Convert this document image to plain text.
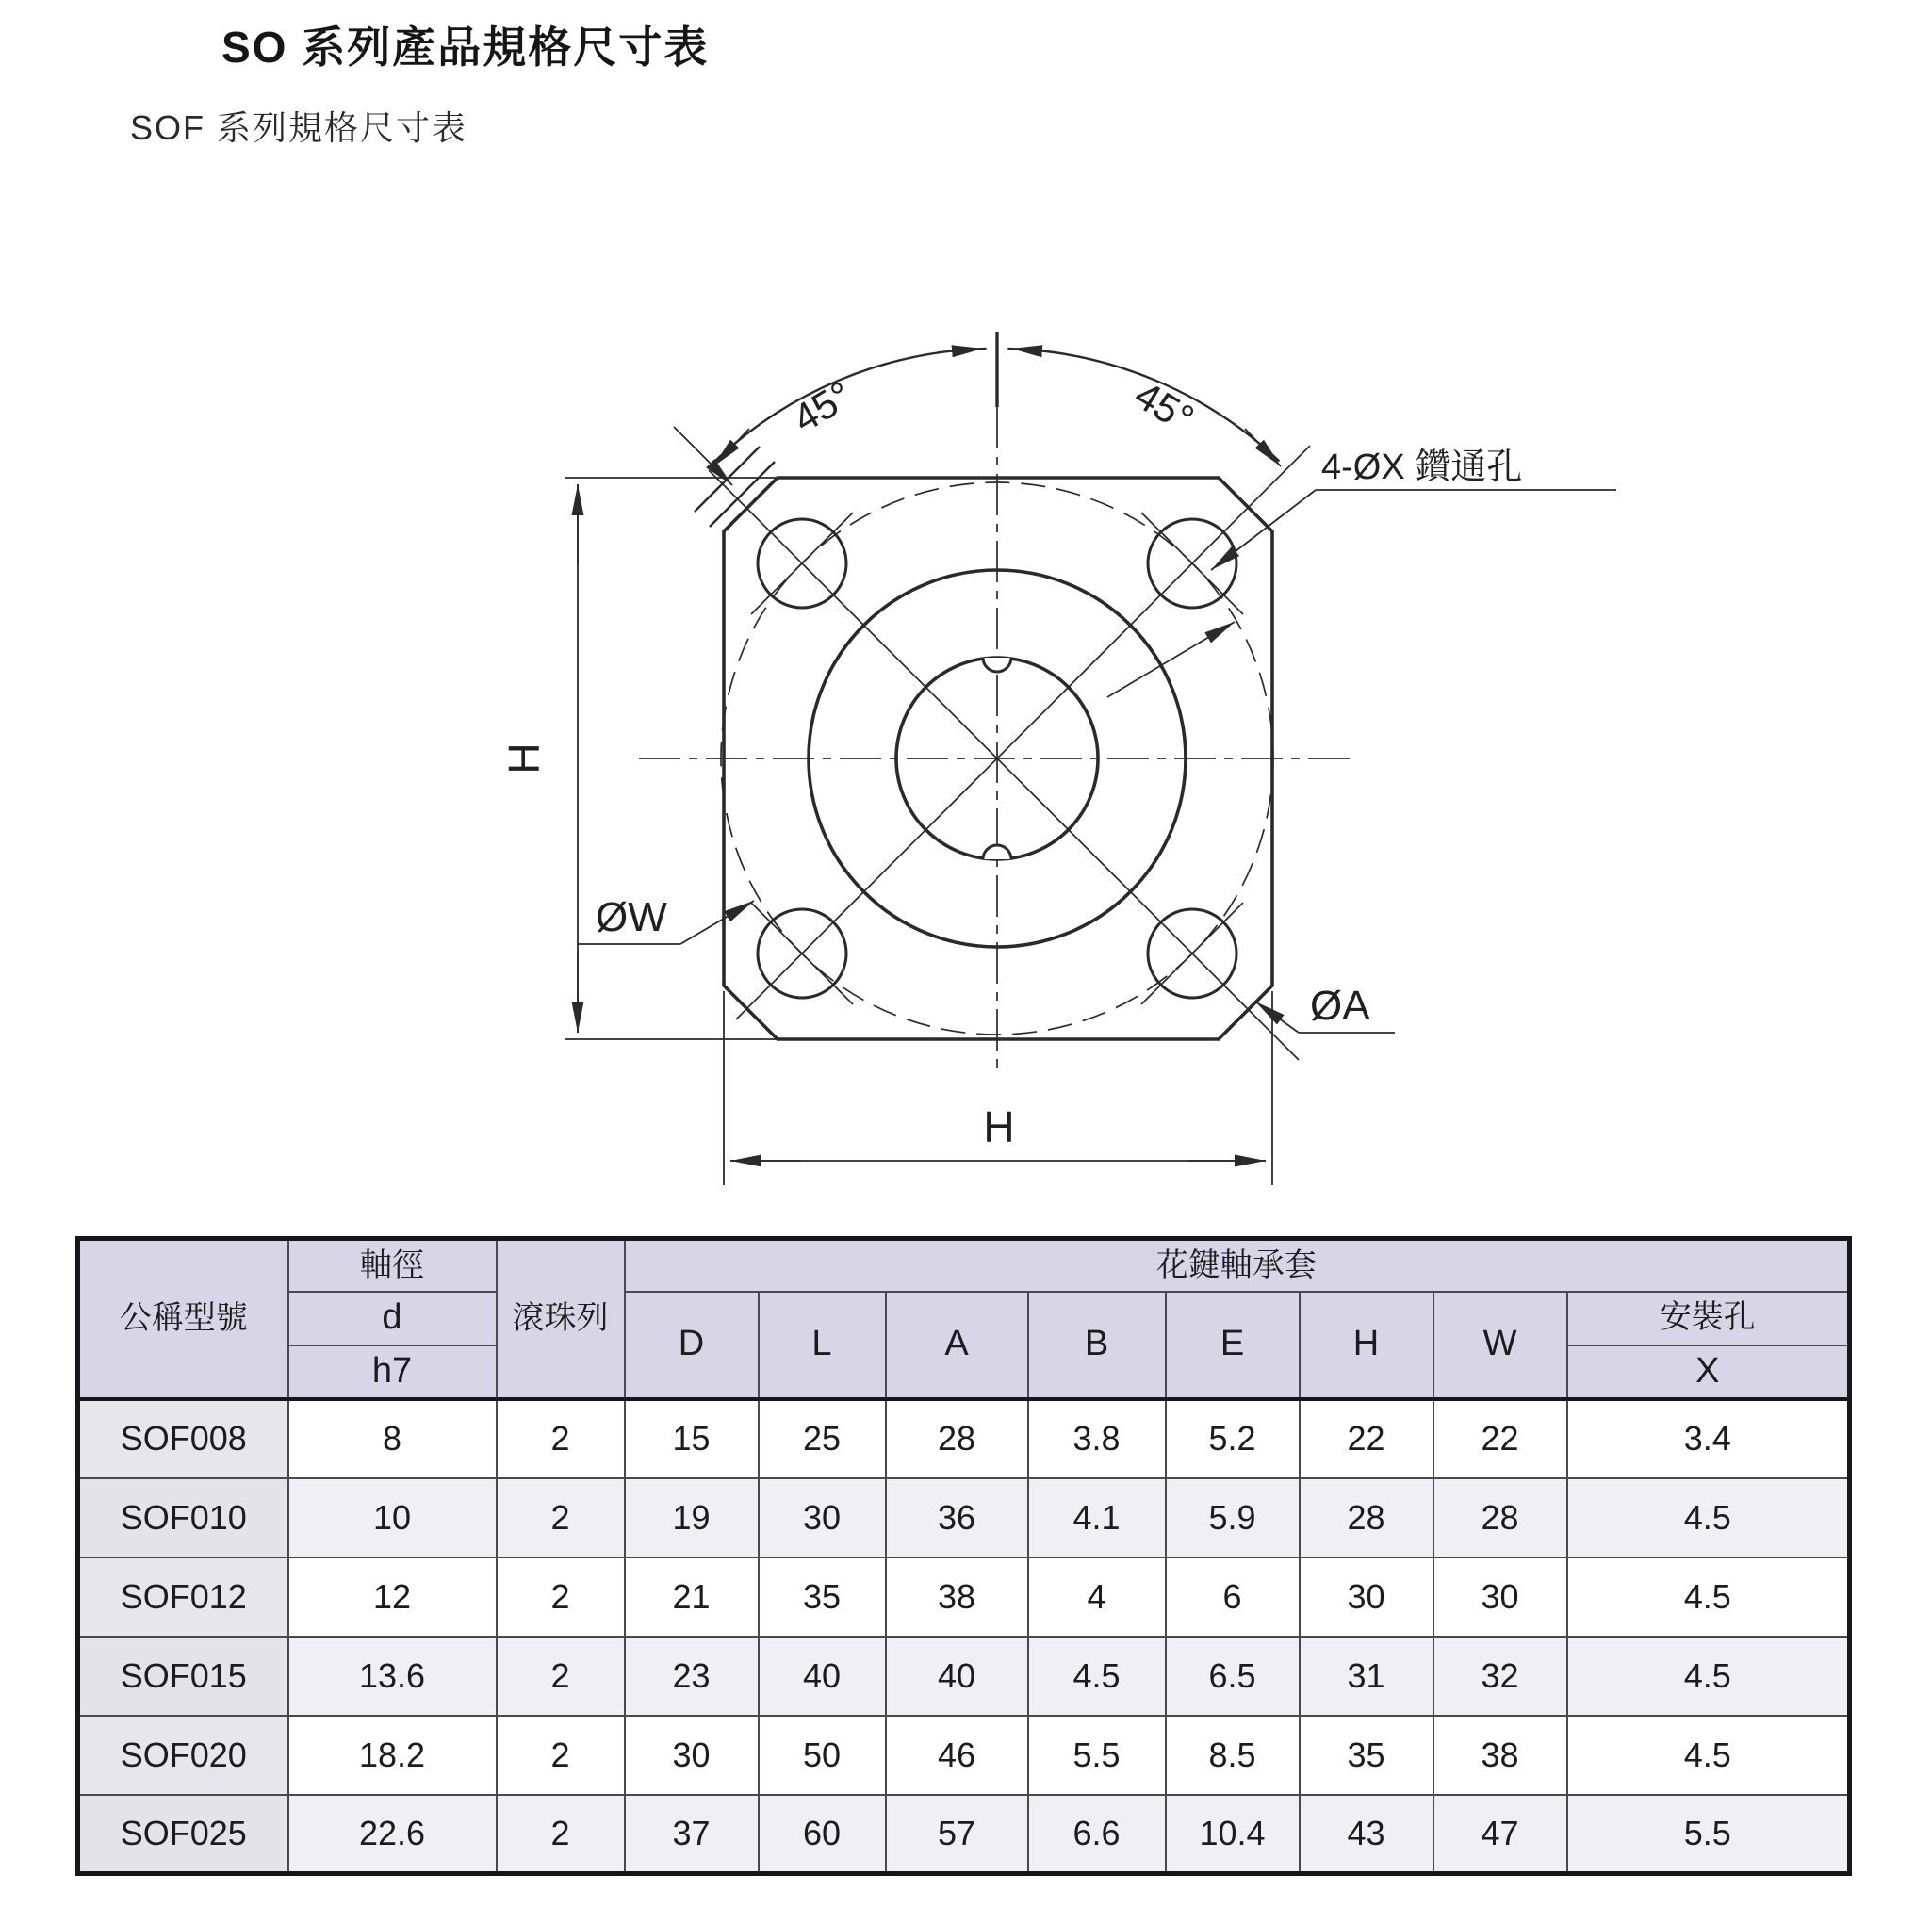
SO 系列產品規格尺寸表
SOF 系列規格尺寸表
45°	45°
4-ØX 鑽通孔
H
H
ØW
ØA
公稱型號	軸徑	滾珠列	花鍵軸承套							
	d		D	L	A	B	E	H	W	安裝孔
	h7									X
SOF008	8	2	15	25	28	3.8	5.2	22	22	3.4
SOF010	10	2	19	30	36	4.1	5.9	28	28	4.5
SOF012	12	2	21	35	38	4	6	30	30	4.5
SOF015	13.6	2	23	40	40	4.5	6.5	31	32	4.5
SOF020	18.2	2	30	50	46	5.5	8.5	35	38	4.5
SOF025	22.6	2	37	60	57	6.6	10.4	43	47	5.5
